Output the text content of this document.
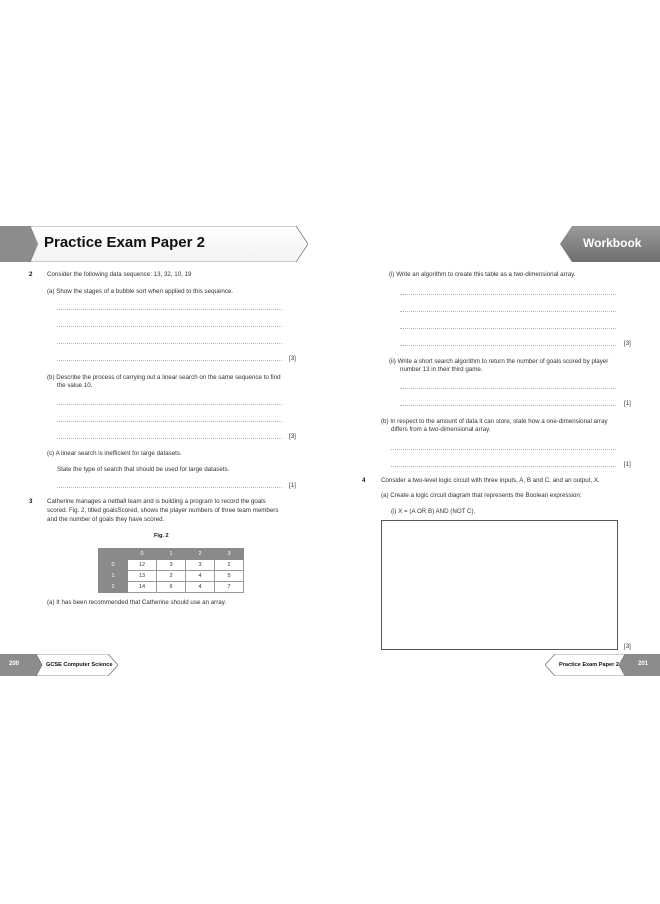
Practice Exam Paper 2	Workbook
2 Consider the following data sequence: 13, 32, 10, 19
(a) Show the stages of a bubble sort when applied to this sequence.
[3]
(b) Describe the process of carrying out a linear search on the same sequence to find
the value 10.
[3]
(c) A linear search is inefficient for large datasets.
State the type of search that should be used for large datasets.
[1]
3 Catherine manages a netball team and is building a program to record the goals
scored. Fig. 2, titled goalsScored, shows the player numbers of three team members
and the number of goals they have scored.
Fig. 2
	0	1	2	3
0	12	3	3	2
1	13	2	4	5
2	14	6	4	7
(a) It has been recommended that Catherine should use an array.
(i) Write an algorithm to create this table as a two-dimensional array.
[3]
(ii) Write a short search algorithm to return the number of goals scored by player
number 13 in their third game.
[1]
(b) In respect to the amount of data it can store, state how a one-dimensional array
differs from a two-dimensional array.
[1]
4	Consider a two-level logic circuit with three inputs, A, B and C, and an output, X.
(a) Create a logic circuit diagram that represents the Boolean expression:
(i) X = (A OR B) AND (NOT C).
[3]
200	GCSE Computer Science	Practice Exam Paper 2	201
